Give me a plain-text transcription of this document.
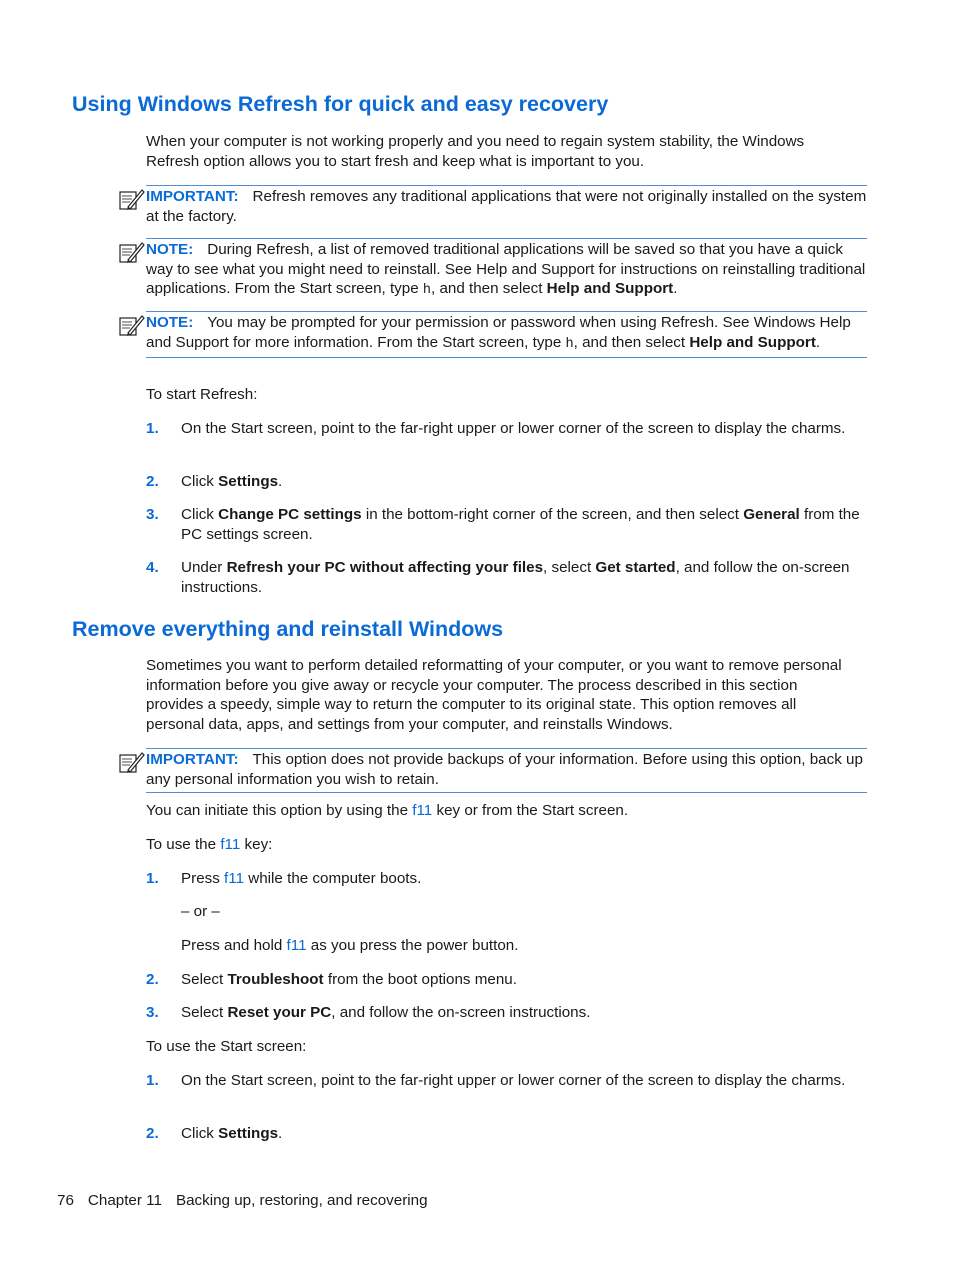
Using Windows Refresh for quick and easy recovery

When your computer is not working properly and you need to regain system stability, the Windows Refresh option allows you to start fresh and keep what is important to you.

IMPORTANT: Refresh removes any traditional applications that were not originally installed on the system at the factory.
NOTE: During Refresh, a list of removed traditional applications will be saved so that you have a quick way to see what you might need to reinstall. See Help and Support for instructions on reinstalling traditional applications. From the Start screen, type h, and then select Help and Support.
NOTE: You may be prompted for your permission or password when using Refresh. See Windows Help and Support for more information. From the Start screen, type h, and then select Help and Support.
To start Refresh:
1. On the Start screen, point to the far-right upper or lower corner of the screen to display the charms.
2. Click Settings.
3. Click Change PC settings in the bottom-right corner of the screen, and then select General from the PC settings screen.
4. Under Refresh your PC without affecting your files, select Get started, and follow the on-screen instructions.
Remove everything and reinstall Windows

Sometimes you want to perform detailed reformatting of your computer, or you want to remove personal information before you give away or recycle your computer. The process described in this section provides a speedy, simple way to return the computer to its original state. This option removes all personal data, apps, and settings from your computer, and reinstalls Windows.

IMPORTANT: This option does not provide backups of your information. Before using this option, back up any personal information you wish to retain.
You can initiate this option by using the f11 key or from the Start screen.
To use the f11 key:
1. Press f11 while the computer boots.
– or –
Press and hold f11 as you press the power button.
2. Select Troubleshoot from the boot options menu.
3. Select Reset your PC, and follow the on-screen instructions.
To use the Start screen:
1. On the Start screen, point to the far-right upper or lower corner of the screen to display the charms.
2. Click Settings.
76 Chapter 11 Backing up, restoring, and recovering
